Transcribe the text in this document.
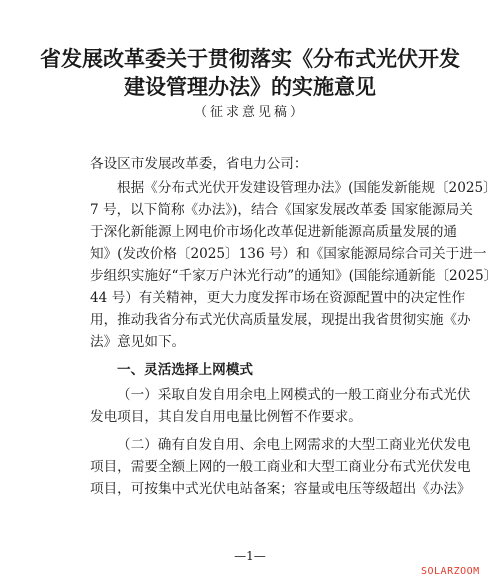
省发展改革委关于贯彻落实《分布式光伏开发
建设管理办法》的实施意见
（征求意见稿）
各设区市发展改革委，省电力公司：
根据《分布式光伏开发建设管理办法》(国能发新能规〔2025〕
7 号，以下简称《办法》)，结合《国家发展改革委 国家能源局关
于深化新能源上网电价市场化改革促进新能源高质量发展的通
知》(发改价格〔2025〕136 号）和《国家能源局综合司关于进一
步组织实施好“千家万户沐光行动”的通知》(国能综通新能〔2025〕
44 号）有关精神，更大力度发挥市场在资源配置中的决定性作
用，推动我省分布式光伏高质量发展，现提出我省贯彻实施《办
法》意见如下。
一、灵活选择上网模式
（一）采取自发自用余电上网模式的一般工商业分布式光伏
发电项目，其自发自用电量比例暂不作要求。
（二）确有自发自用、余电上网需求的大型工商业光伏发电
项目，需要全额上网的一般工商业和大型工商业分布式光伏发电
项目，可按集中式光伏电站备案；容量或电压等级超出《办法》
—1—
SOLARZOOM
